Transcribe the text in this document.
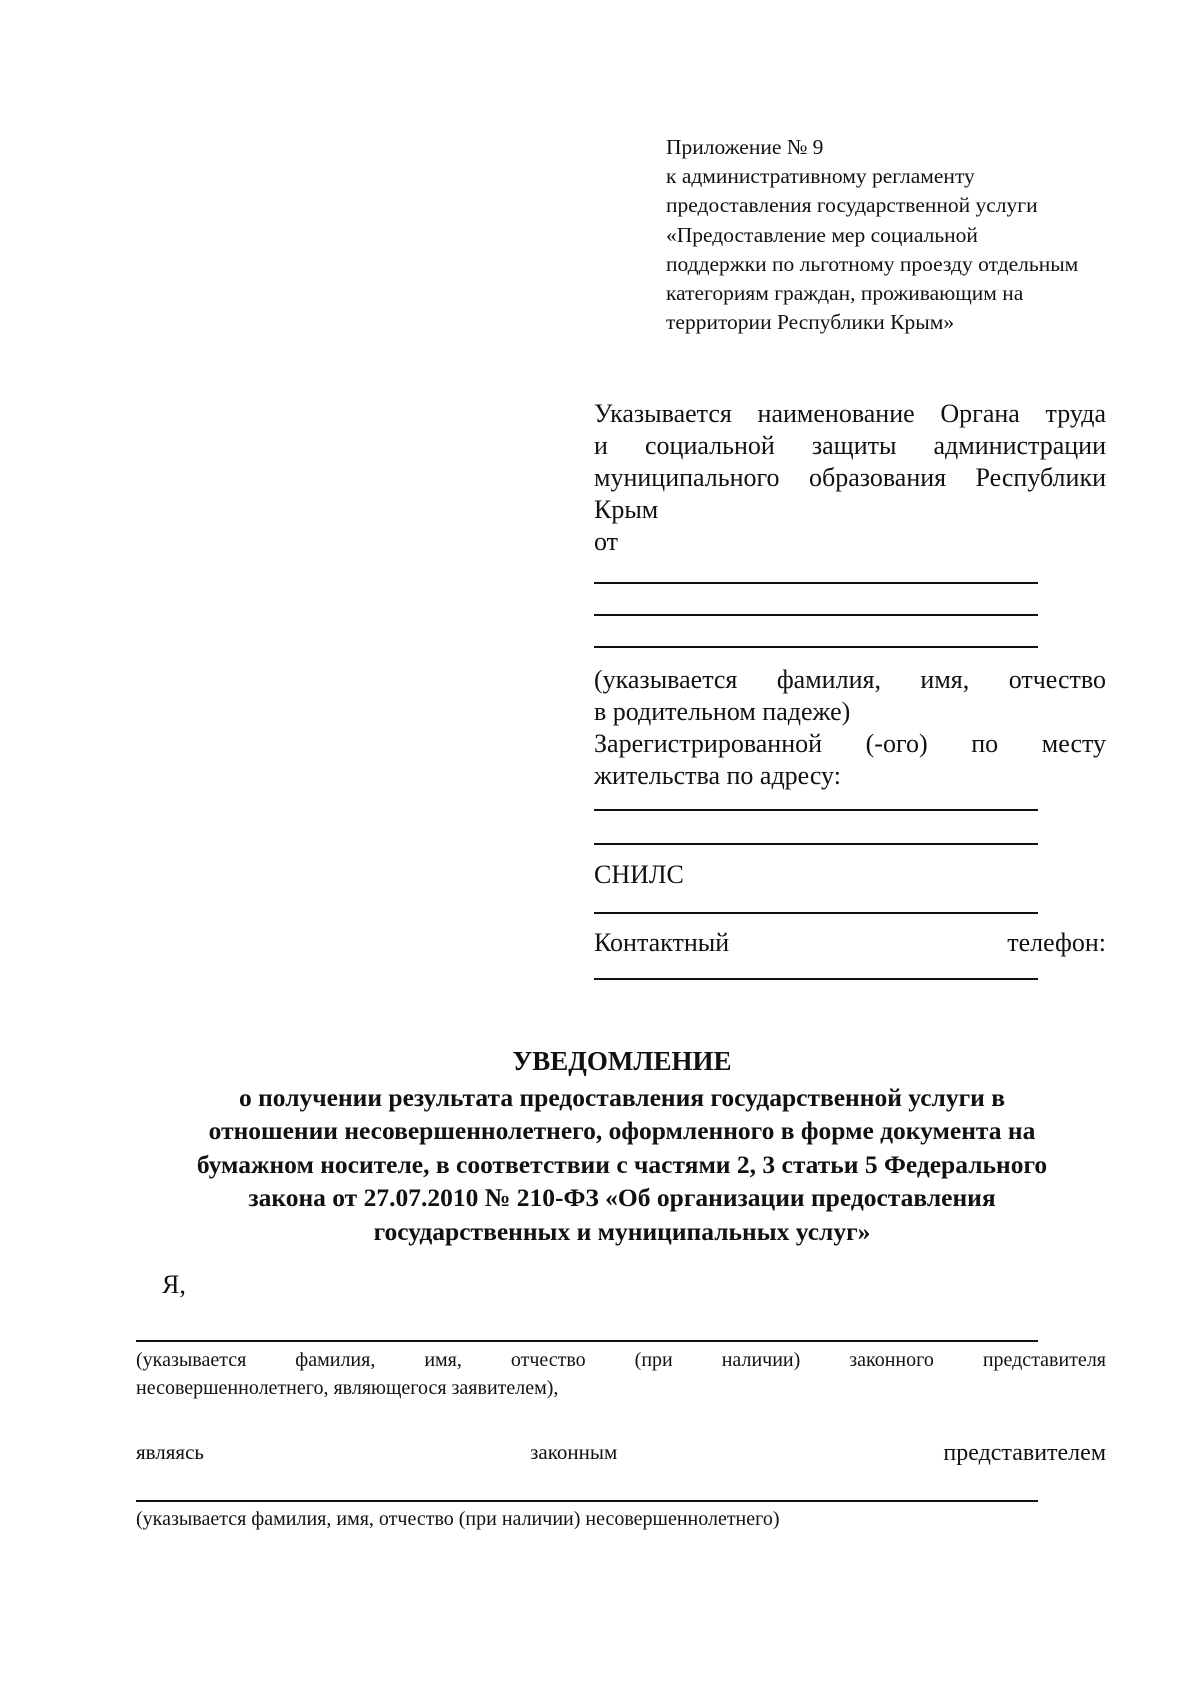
Приложение № 9
к административному регламенту
предоставления государственной услуги
«Предоставление мер социальной
поддержки по льготному проезду отдельным
категориям граждан, проживающим на
территории Республики Крым»
Указывается наименование Органа труда
и социальной защиты администрации
муниципального образования Республики
Крым
от
(указывается фамилия, имя, отчество
в родительном падеже)
Зарегистрированной (-ого) по месту
жительства по адресу:
СНИЛС
Контактный	телефон:
УВЕДОМЛЕНИЕ
о получении результата предоставления государственной услуги в
отношении несовершеннолетнего, оформленного в форме документа на
бумажном носителе, в соответствии с частями 2, 3 статьи 5 Федерального
закона от 27.07.2010 № 210-ФЗ «Об организации предоставления
государственных и муниципальных услуг»
Я,
(указывается фамилия, имя, отчество (при наличии) законного представителя
несовершеннолетнего, являющегося заявителем),
являясь	законным	представителем
(указывается фамилия, имя, отчество (при наличии) несовершеннолетнего)
